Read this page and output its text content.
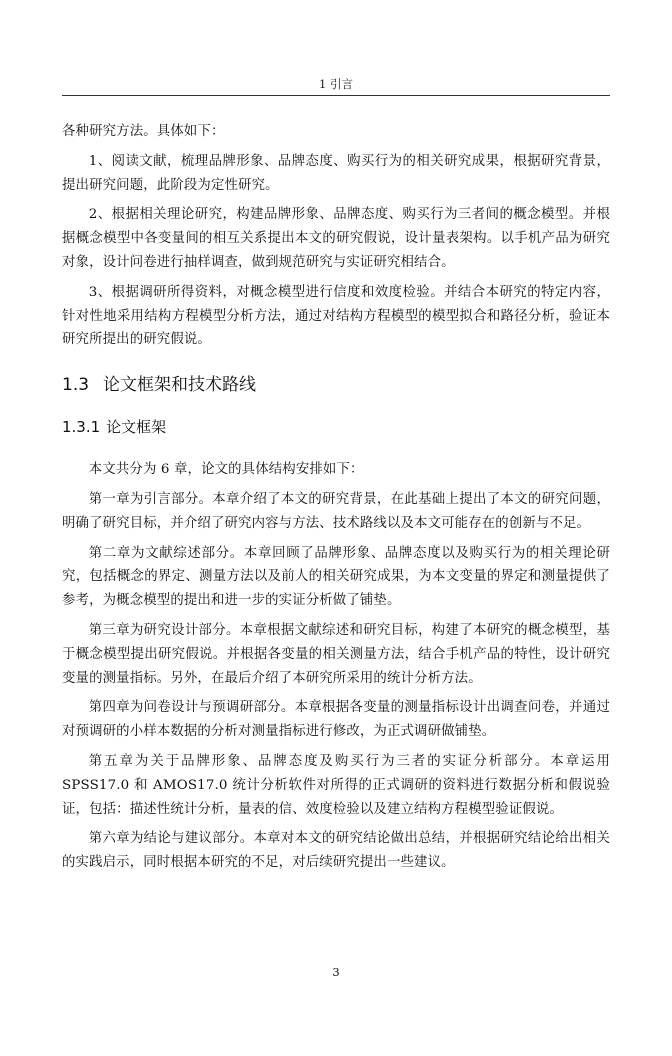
1 引言

各种研究方法。具体如下：

1、阅读文献，梳理品牌形象、品牌态度、购买行为的相关研究成果，根据研究背景，提出研究问题，此阶段为定性研究。

2、根据相关理论研究，构建品牌形象、品牌态度、购买行为三者间的概念模型。并根据概念模型中各变量间的相互关系提出本文的研究假说，设计量表架构。以手机产品为研究对象，设计问卷进行抽样调查，做到规范研究与实证研究相结合。

3、根据调研所得资料，对概念模型进行信度和效度检验。并结合本研究的特定内容，针对性地采用结构方程模型分析方法，通过对结构方程模型的模型拟合和路径分析，验证本研究所提出的研究假说。

1.3 论文框架和技术路线
1.3.1 论文框架

本文共分为 6 章，论文的具体结构安排如下：

第一章为引言部分。本章介绍了本文的研究背景，在此基础上提出了本文的研究问题，明确了研究目标，并介绍了研究内容与方法、技术路线以及本文可能存在的创新与不足。

第二章为文献综述部分。本章回顾了品牌形象、品牌态度以及购买行为的相关理论研究，包括概念的界定、测量方法以及前人的相关研究成果，为本文变量的界定和测量提供了参考，为概念模型的提出和进一步的实证分析做了铺垫。

第三章为研究设计部分。本章根据文献综述和研究目标，构建了本研究的概念模型，基于概念模型提出研究假说。并根据各变量的相关测量方法，结合手机产品的特性，设计研究变量的测量指标。另外，在最后介绍了本研究所采用的统计分析方法。

第四章为问卷设计与预调研部分。本章根据各变量的测量指标设计出调查问卷，并通过对预调研的小样本数据的分析对测量指标进行修改，为正式调研做铺垫。

第五章为关于品牌形象、品牌态度及购买行为三者的实证分析部分。本章运用 SPSS17.0 和 AMOS17.0 统计分析软件对所得的正式调研的资料进行数据分析和假说验证，包括：描述性统计分析，量表的信、效度检验以及建立结构方程模型验证假说。

第六章为结论与建议部分。本章对本文的研究结论做出总结，并根据研究结论给出相关的实践启示，同时根据本研究的不足，对后续研究提出一些建议。

3
